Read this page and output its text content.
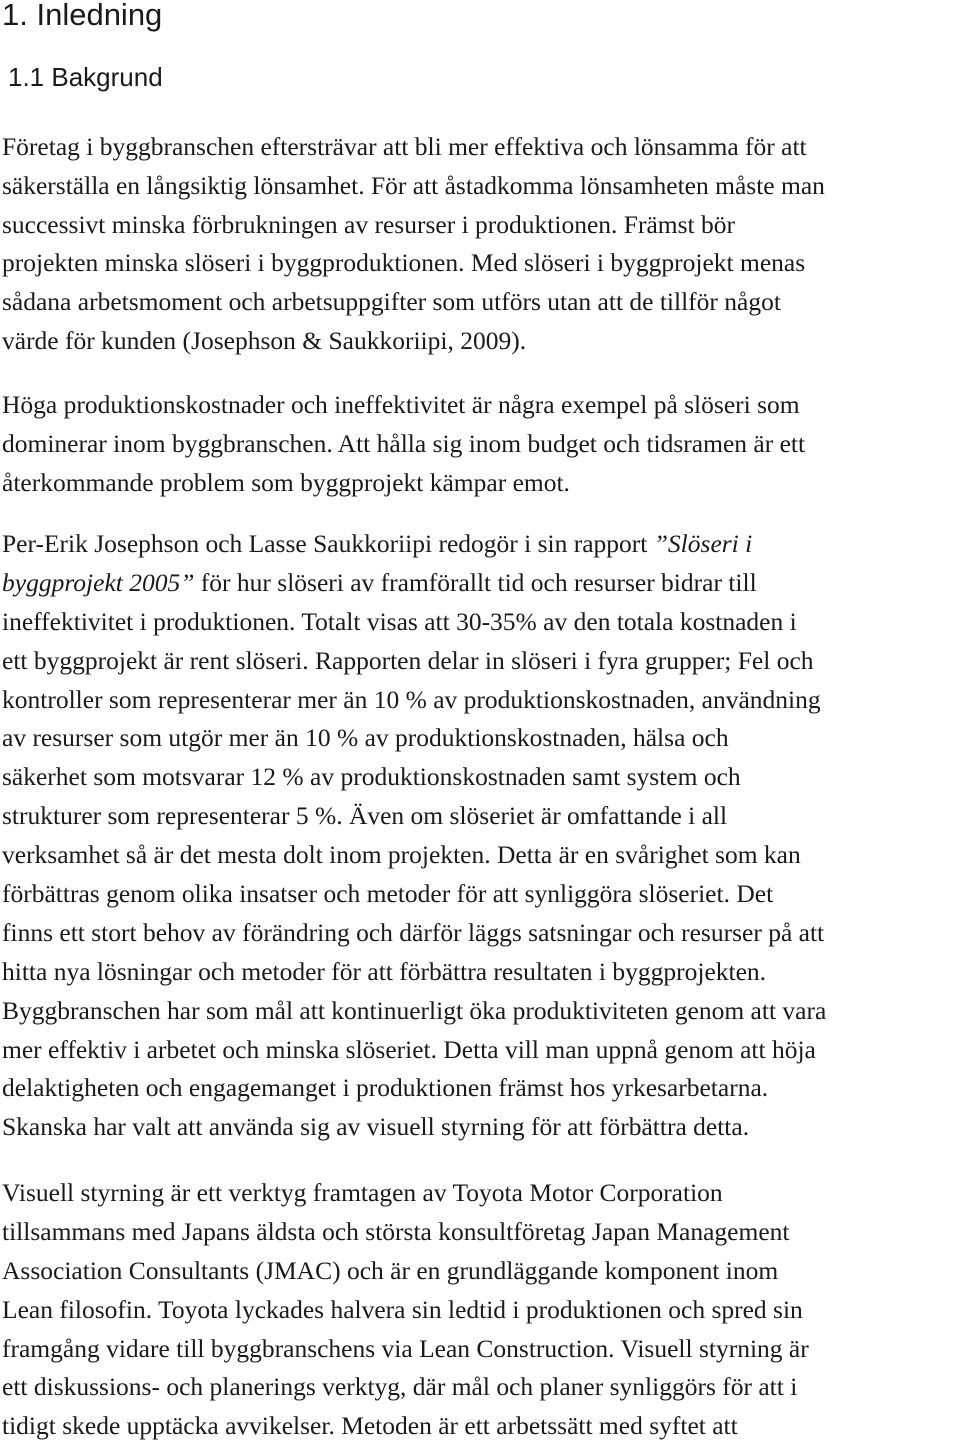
1. Inledning
1.1 Bakgrund
Företag i byggbranschen eftersträvar att bli mer effektiva och lönsamma för att
säkerställa en långsiktig lönsamhet. För att åstadkomma lönsamheten måste man
successivt minska förbrukningen av resurser i produktionen. Främst bör
projekten minska slöseri i byggproduktionen. Med slöseri i byggprojekt menas
sådana arbetsmoment och arbetsuppgifter som utförs utan att de tillför något
värde för kunden (Josephson & Saukkoriipi, 2009).
Höga produktionskostnader och ineffektivitet är några exempel på slöseri som
dominerar inom byggbranschen. Att hålla sig inom budget och tidsramen är ett
återkommande problem som byggprojekt kämpar emot.
Per-Erik Josephson och Lasse Saukkoriipi redogör i sin rapport ”Slöseri i
byggprojekt 2005” för hur slöseri av framförallt tid och resurser bidrar till
ineffektivitet i produktionen. Totalt visas att 30-35% av den totala kostnaden i
ett byggprojekt är rent slöseri. Rapporten delar in slöseri i fyra grupper; Fel och
kontroller som representerar mer än 10 % av produktionskostnaden, användning
av resurser som utgör mer än 10 % av produktionskostnaden, hälsa och
säkerhet som motsvarar 12 % av produktionskostnaden samt system och
strukturer som representerar 5 %. Även om slöseriet är omfattande i all
verksamhet så är det mesta dolt inom projekten. Detta är en svårighet som kan
förbättras genom olika insatser och metoder för att synliggöra slöseriet. Det
finns ett stort behov av förändring och därför läggs satsningar och resurser på att
hitta nya lösningar och metoder för att förbättra resultaten i byggprojekten.
Byggbranschen har som mål att kontinuerligt öka produktiviteten genom att vara
mer effektiv i arbetet och minska slöseriet. Detta vill man uppnå genom att höja
delaktigheten och engagemanget i produktionen främst hos yrkesarbetarna.
Skanska har valt att använda sig av visuell styrning för att förbättra detta.
Visuell styrning är ett verktyg framtagen av Toyota Motor Corporation
tillsammans med Japans äldsta och största konsultföretag Japan Management
Association Consultants (JMAC) och är en grundläggande komponent inom
Lean filosofin. Toyota lyckades halvera sin ledtid i produktionen och spred sin
framgång vidare till byggbranschens via Lean Construction. Visuell styrning är
ett diskussions- och planerings verktyg, där mål och planer synliggörs för att i
tidigt skede upptäcka avvikelser. Metoden är ett arbetssätt med syftet att
